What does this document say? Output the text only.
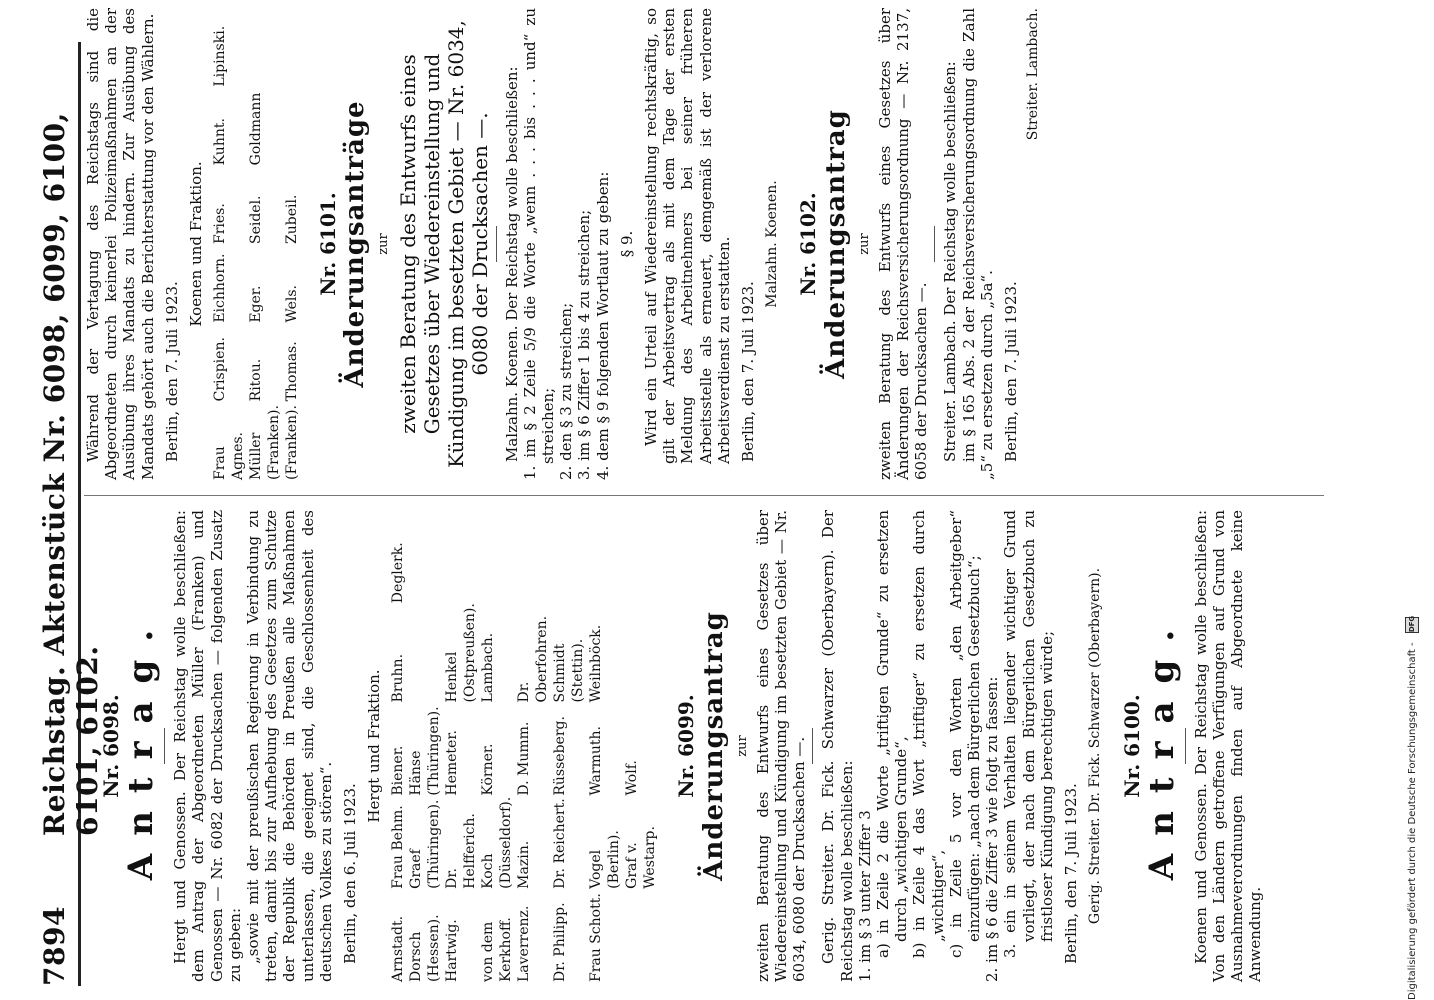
7894
Reichstag. Aktenstück Nr. 6098, 6099, 6100, 6101, 6102.
Nr. 6098.
Antrag. Hergt und Genossen. Der Reichstag wolle beschließen: dem Antrag der Abgeordneten Müller (Franken) und Genossen — Nr. 6082 der Drucksachen — folgenden Zusatz zu geben: „sowie mit der preußischen Regierung in Verbindung zu treten, damit bis zur Aufhebung des Gesetzes zum Schutze der Republik die Behörden in Preußen alle Maßnahmen unterlassen, die geeignet sind, die Geschlossenheit des deutschen Volkes zu stören“. Berlin, den 6. Juli 1923.

Hergt und Fraktion.

Arnstadt.
Frau Behm.
Biener.
Bruhn.
Deglerk.
Dorsch (Hessen).
Graef (Thüringen).
Hänse (Thüringen).
Hartwig.
Dr. Helfferich.
Hemeter.
Henkel (Ostpreußen).
von dem Kerkhoff.
Koch (Düsseldorf).
Körner.
Lambach.
Laverrenz.
Mazin.
D. Mumm.
Dr. Oberfohren.
Dr. Philipp.
Dr. Reichert.
Rüsseberg.
Schmidt (Stettin).
Frau Schott.
Vogel (Berlin).
Warmuth.
Weilnböck.
Graf v. Westarp.
Wolf.	Nr. 6099. Änderungsantrag zur zweiten Beratung des Entwurfs eines Gesetzes über Wiedereinstellung und Kündigung im besetzten Gebiet — Nr. 6034, 6080 der Drucksachen —. Gerig. Streiter. Dr. Fick. Schwarzer (Oberbayern). Der Reichstag wolle beschließen: 1. im § 3 unter Ziffer 3 a) in Zeile 2 die Worte „triftigen Grunde“ zu ersetzen durch „wichtigen Grunde“, b) in Zeile 4 das Wort „triftiger“ zu ersetzen durch „wichtiger“, c) in Zeile 5 vor den Worten „den Arbeitgeber“ einzufügen: „nach dem Bürgerlichen Gesetzbuch“; 2. im § 6 die Ziffer 3 wie folgt zu fassen: 3. ein in seinem Verhalten liegender wichtiger Grund vorliegt, der nach dem Bürgerlichen Gesetzbuch zu fristloser Kündigung berechtigen würde; Berlin, den 7. Juli 1923. Gerig. Streiter. Dr. Fick. Schwarzer (Oberbayern). Nr. 6100.
Antrag. Koenen und Genossen. Der Reichstag wolle beschließen: Von den Ländern getroffene Verfügungen auf Grund von Ausnahmeverordnungen finden auf Abgeordnete keine Anwendung.

Während der Vertagung des Reichstags sind die Abgeordneten durch keinerlei Polizeimaßnahmen an der Ausübung ihres Mandats zu hindern. Zur Ausübung des Mandats gehört auch die Berichterstattung vor den Wählern. Berlin, den 7. Juli 1923.

Koenen und Fraktion.

Frau Agnes.
Crispien.
Eichhorn.
Fries.
Kuhnt.
Lipinski.
Müller (Franken).
Ritou.
Eger.
Seidel.
Goldmann
(Franken).
Thomas.
Wels.
Zubeil. Nr. 6101. Änderungsanträge zur zweiten Beratung des Entwurfs eines Gesetzes über Wiedereinstellung und Kündigung im besetzten Gebiet — Nr. 6034, 6080 der Drucksachen —. Malzahn. Koenen. Der Reichstag wolle beschließen: 1. im § 2 Zeile 5/9 die Worte „wenn . . . bis . . . und“ zu streichen; 2. den § 3 zu streichen; 3. im § 6 Ziffer 1 bis 4 zu streichen; 4. dem § 9 folgenden Wortlaut zu geben: § 9. Wird ein Urteil auf Wiedereinstellung rechtskräftig, so gilt der Arbeitsvertrag als mit dem Tage der ersten Meldung des Arbeitnehmers bei seiner früheren Arbeitsstelle als erneuert, demgemäß ist der verlorene Arbeitsverdienst zu erstatten. Berlin, den 7. Juli 1923.

Malzahn. Koenen. Nr. 6102. Änderungsantrag zur zweiten Beratung des Entwurfs eines Gesetzes über Änderungen der Reichsversicherungsordnung — Nr. 2137, 6058 der Drucksachen —. Streiter. Lambach. Der Reichstag wolle beschließen: im § 165 Abs. 2 der Reichsversicherungsordnung die Zahl „5“ zu ersetzen durch „5a“. Berlin, den 7. Juli 1923.

Streiter. Lambach.

Digitalisierung gefördert durch die Deutsche Forschungsgemeinschaft - DFG
